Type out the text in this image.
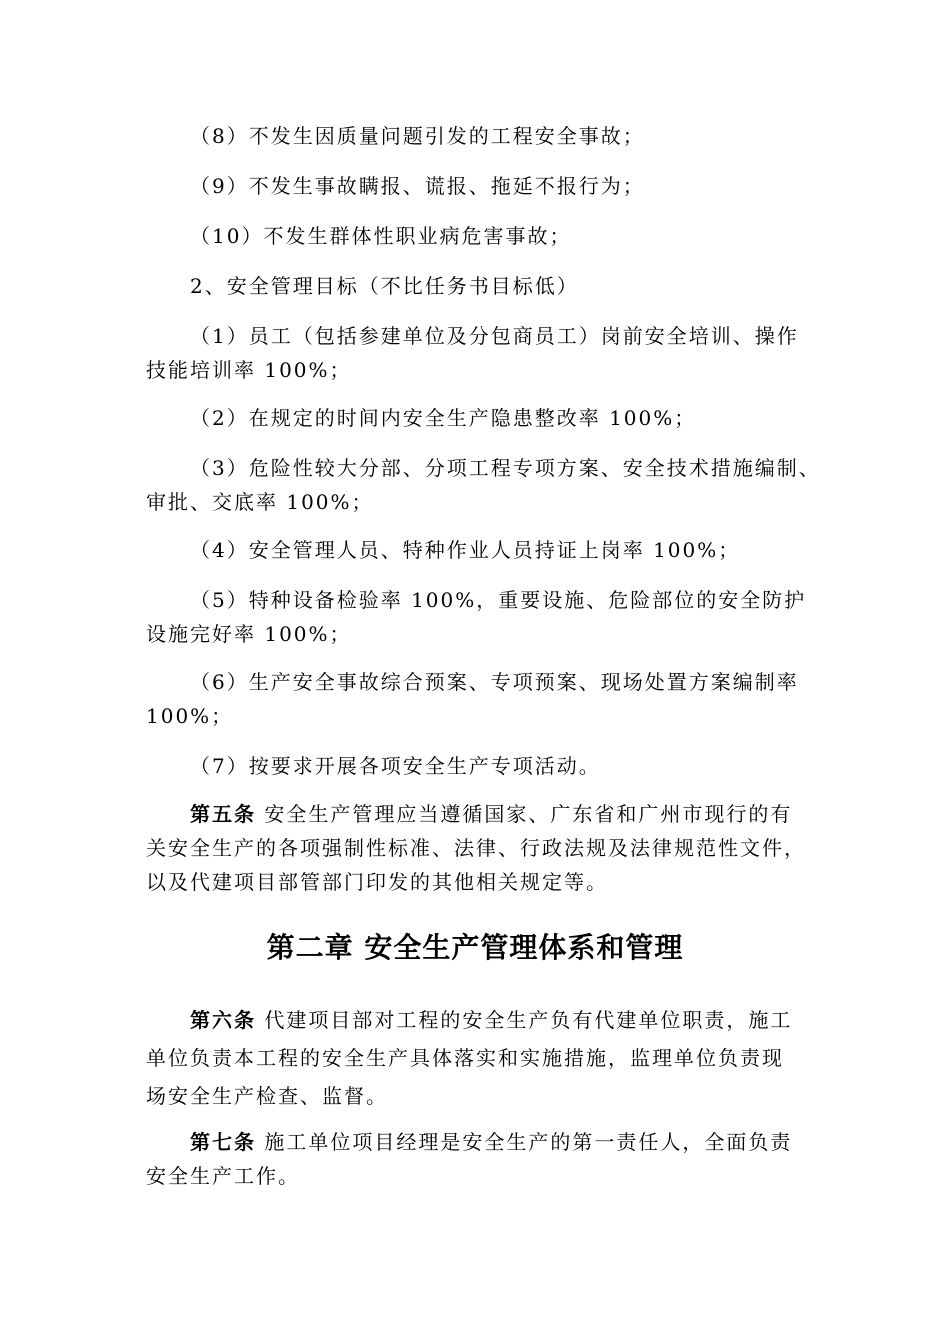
（8）不发生因质量问题引发的工程安全事故；
（9）不发生事故瞒报、谎报、拖延不报行为；
（10）不发生群体性职业病危害事故；
2、安全管理目标（不比任务书目标低）
（1）员工（包括参建单位及分包商员工）岗前安全培训、操作
技能培训率 100%；
（2）在规定的时间内安全生产隐患整改率 100%；
（3）危险性较大分部、分项工程专项方案、安全技术措施编制、
审批、交底率 100%；
（4）安全管理人员、特种作业人员持证上岗率 100%；
（5）特种设备检验率 100%，重要设施、危险部位的安全防护
设施完好率 100%；
（6）生产安全事故综合预案、专项预案、现场处置方案编制率
100%；
（7）按要求开展各项安全生产专项活动。
第五条 安全生产管理应当遵循国家、广东省和广州市现行的有
关安全生产的各项强制性标准、法律、行政法规及法律规范性文件，
以及代建项目部管部门印发的其他相关规定等。
第二章 安全生产管理体系和管理
第六条 代建项目部对工程的安全生产负有代建单位职责，施工
单位负责本工程的安全生产具体落实和实施措施，监理单位负责现
场安全生产检查、监督。
第七条 施工单位项目经理是安全生产的第一责任人，全面负责
安全生产工作。
